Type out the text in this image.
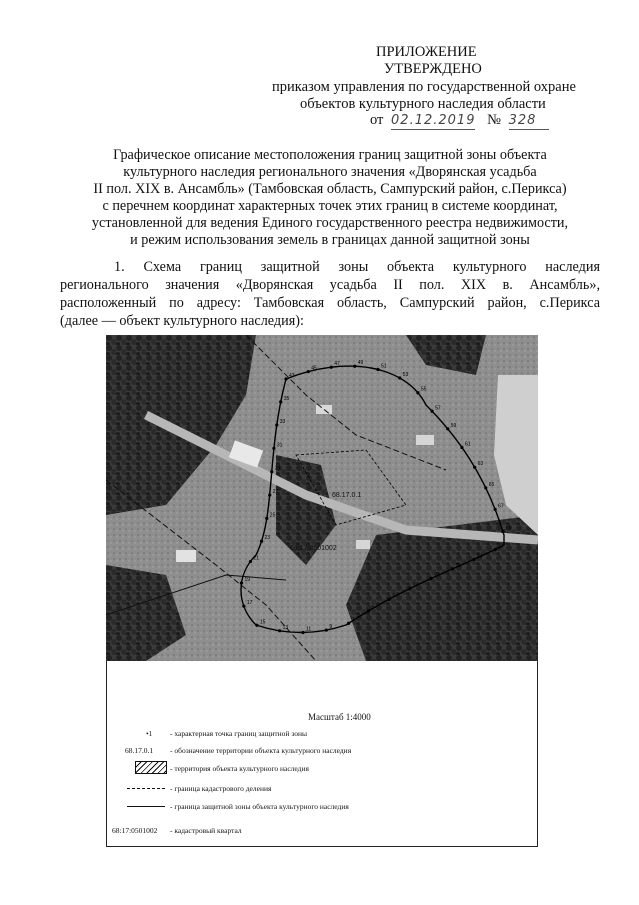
ПРИЛОЖЕНИЕ
УТВЕРЖДЕНО
приказом управления по государственной охране
объектов культурного наследия области
от 02.12.2019 № 328
Графическое описание местоположения границ защитной зоны объекта
культурного наследия регионального значения «Дворянская усадьба
II пол. XIX в. Ансамбль» (Тамбовская область, Сампурский район, с.Перикса)
с перечнем координат характерных точек этих границ в системе координат,
установленной для ведения Единого государственного реестра недвижимости,
и режим использования земель в границах данной защитной зоны
1. Схема границ защитной зоны объекта культурного наследия
регионального значения «Дворянская усадьба II пол. XIX в. Ансамбль»,
расположенный по адресу: Тамбовская область, Сампурский район, с.Перикса
(далее — объект культурного наследия):
43
45
47	49
51
53
55
57
59
61
63
65
67
69
71
73
75
77
1
3
5
7
9
11
13
15
17
19
21
23
25
27
29
31
33
35
68.17.0.1
68:17:0501002
Масштаб 1:4000
•1 - характерная точка границ защитной зоны
68.17.0.1 - обозначение территории объекта культурного наследия
- территория объекта культурного наследия
- граница кадастрового деления
- граница защитной зоны объекта культурного наследия
68:17:0501002 - кадастровый квартал
